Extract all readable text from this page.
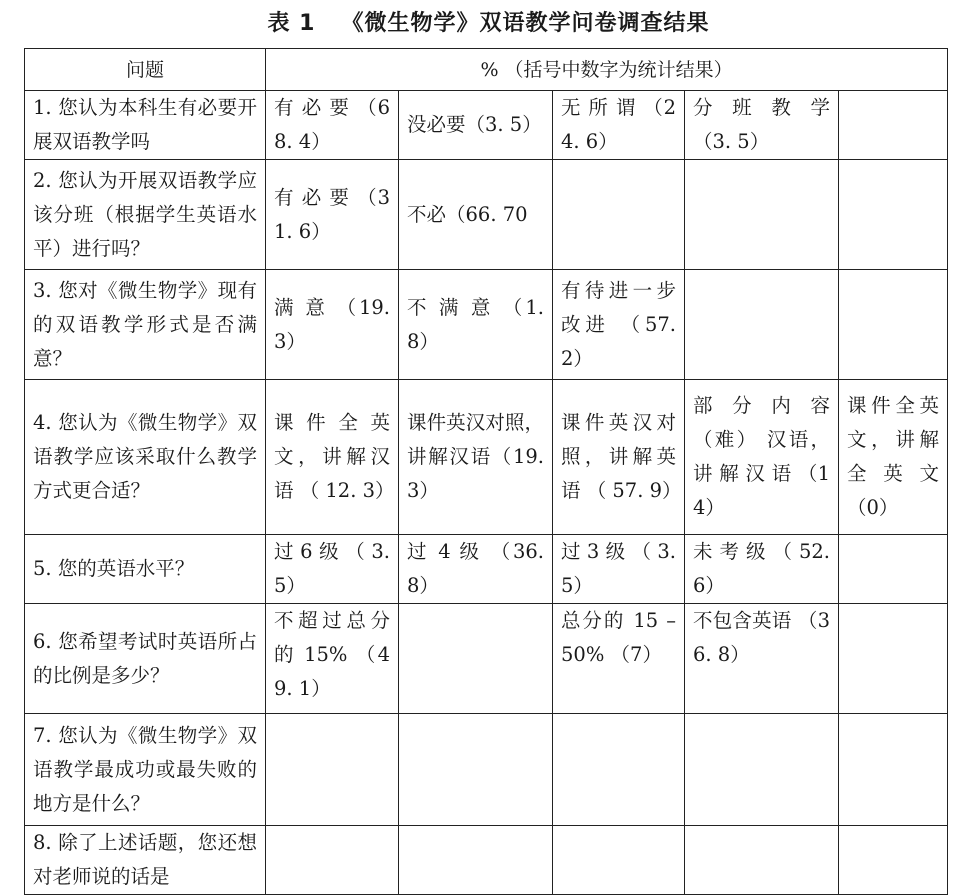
表 1 《微生物学》双语教学问卷调查结果
问题	% （括号中数字为统计结果）				
1. 您认为本科生有必要开展双语教学吗	有 必 要 （68. 4）	没必要（3. 5）	无 所 谓 （24. 6）	分 班 教 学 （3. 5）	
2. 您认为开展双语教学应该分班（根据学生英语水平）进行吗？	有 必 要 （31. 6）	不必（66. 70			
3. 您对《微生物学》现有的双语教学形式是否满意？	满 意 （19. 3）	不 满 意 （1. 8）	有待进一步改进 （57. 2）		
4. 您认为《微生物学》双语教学应该采取什么教学方式更合适？	课件全英文，讲解汉语 （ 12. 3）	课件英汉对照，讲解汉语（19. 3）	课件英汉对照，讲解英语 （ 57. 9）	部 分 内 容 （难） 汉语，讲 解 汉 语 （14）	课件全英文，讲解全英文（0）
5. 您的英语水平？	过6级（3. 5）	过 4 级 （36. 8）	过3级（3. 5）	未考级（52. 6）	
6. 您希望考试时英语所占的比例是多少？	不超过总分的 15% （49. 1）		总分的 15 – 50% （7）	不包含英语 （36. 8）	
7. 您认为《微生物学》双语教学最成功或最失败的地方是什么？					
8. 除了上述话题，您还想对老师说的话是					
